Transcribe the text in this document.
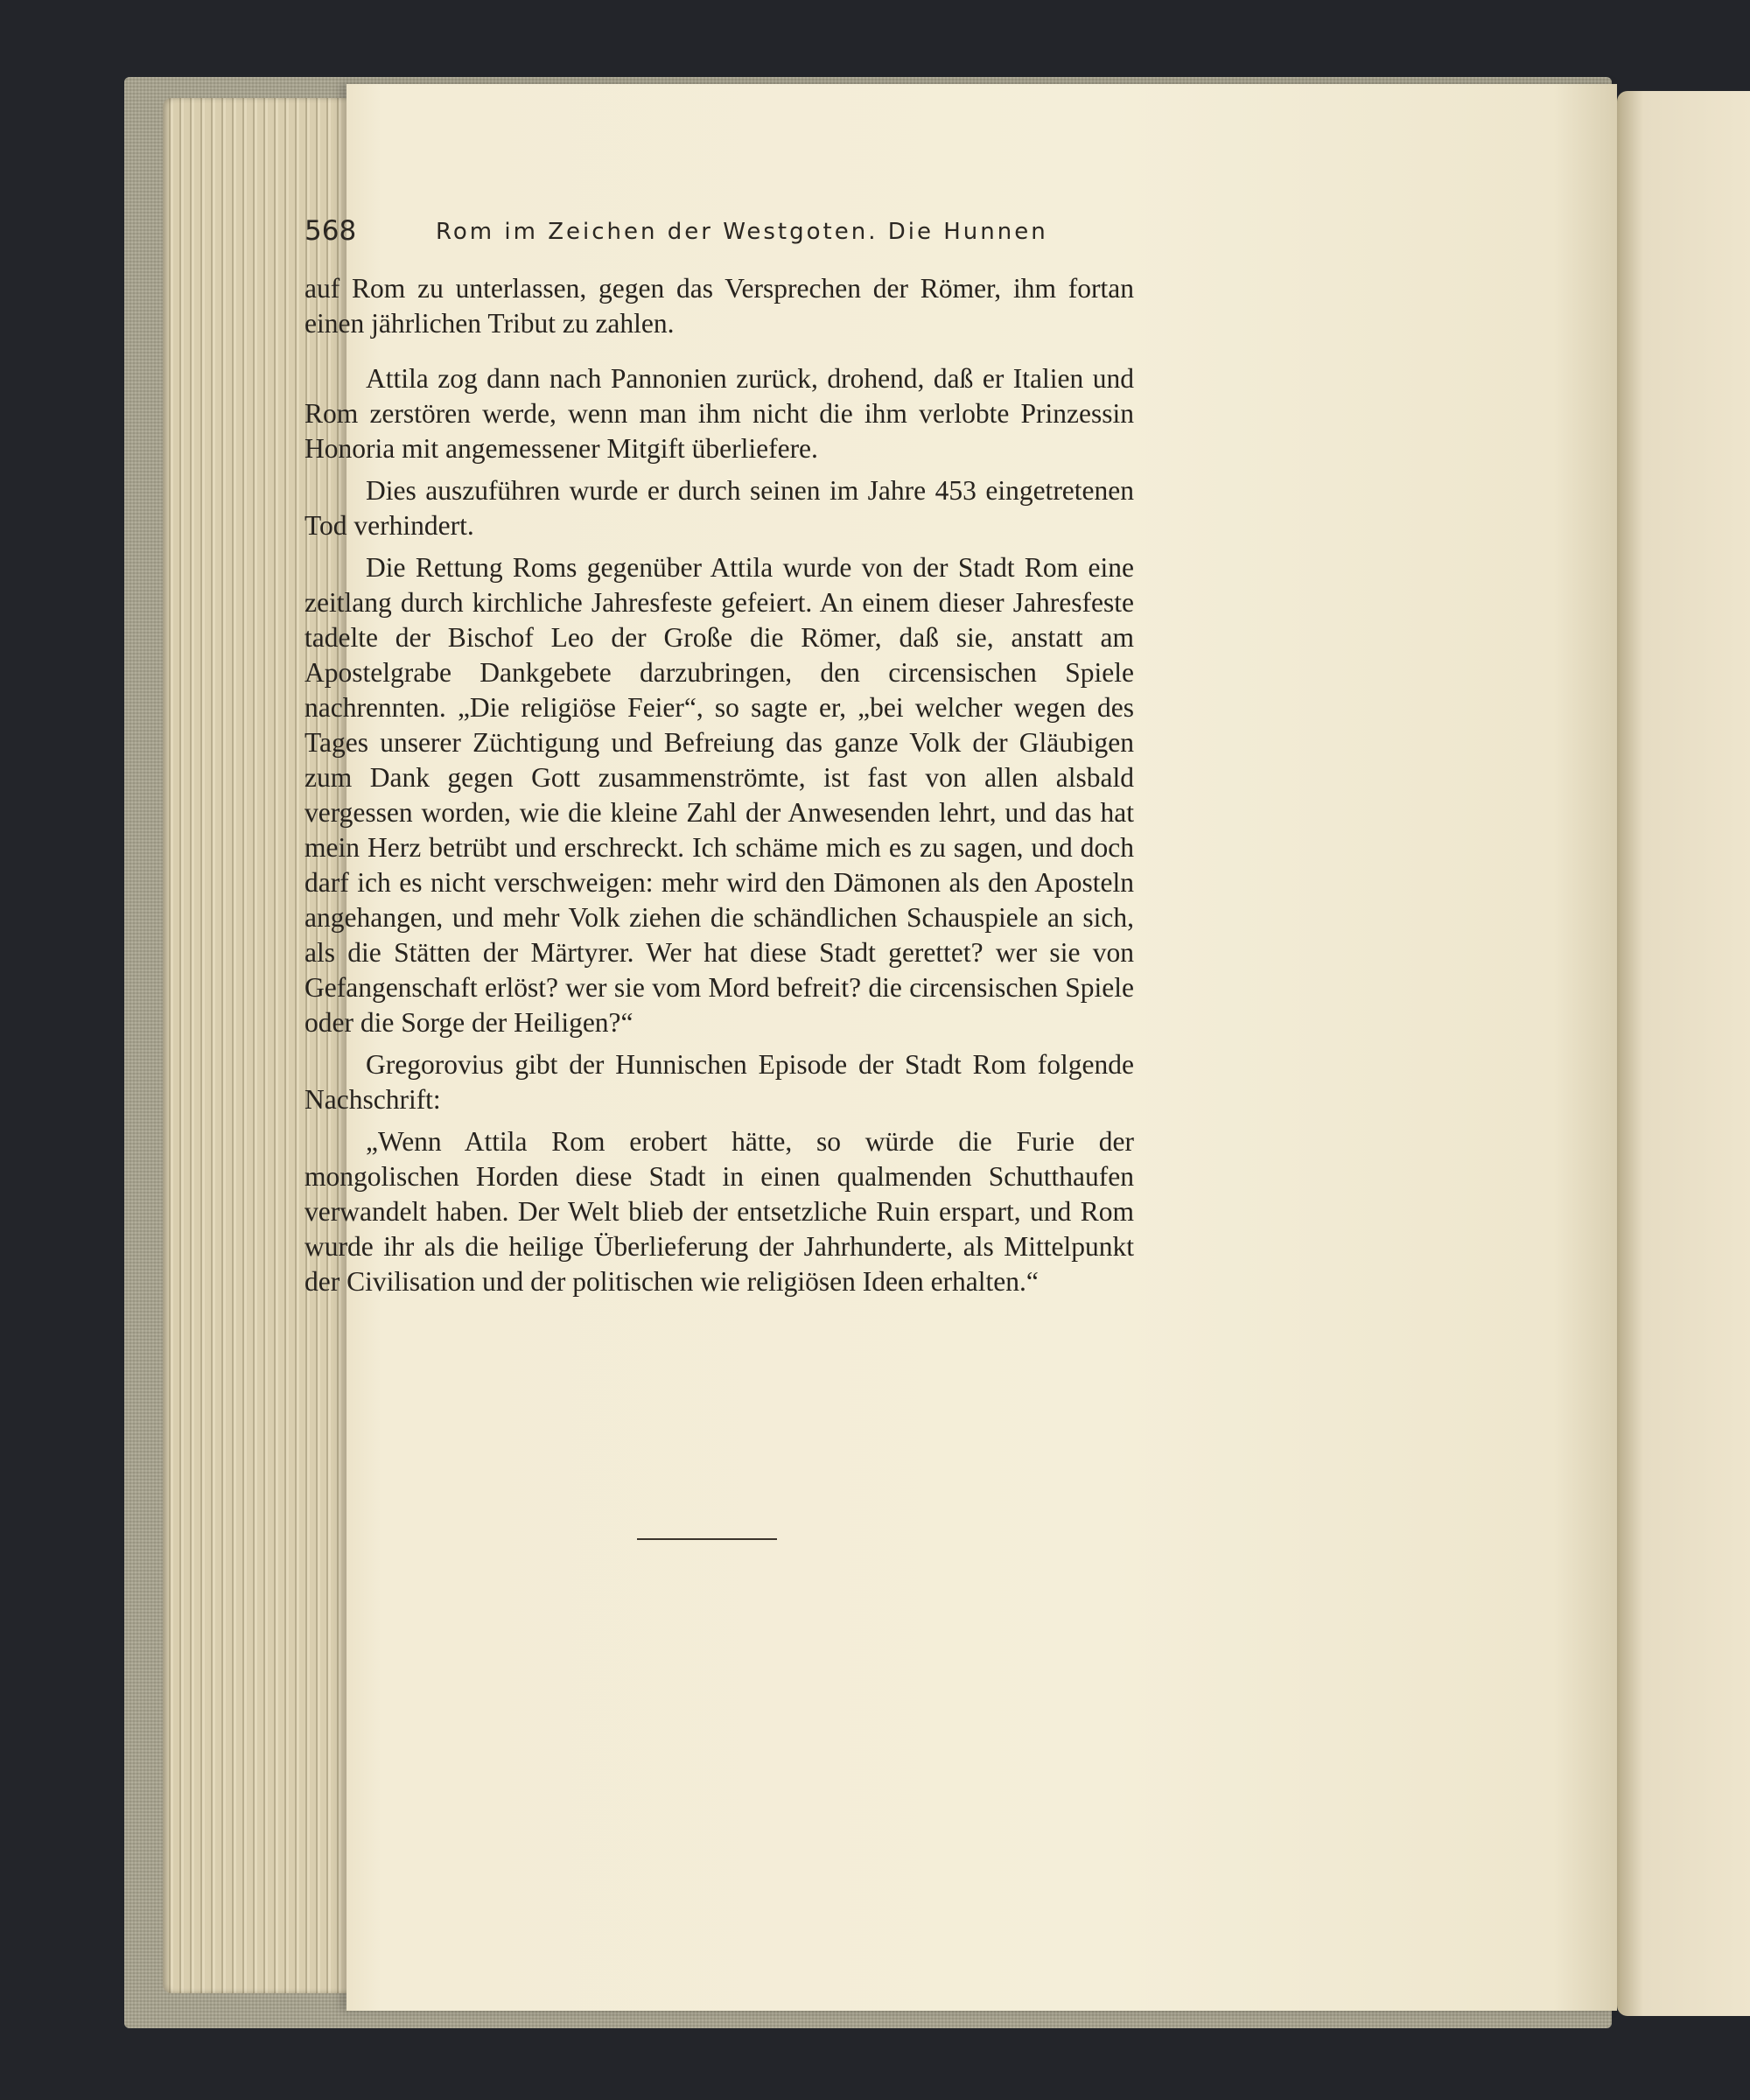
568	Rom im Zeichen der Westgoten. Die Hunnen

auf Rom zu unterlassen, gegen das Versprechen der Römer, ihm fortan einen jährlichen Tribut zu zahlen.

Attila zog dann nach Pannonien zurück, drohend, daß er Italien und Rom zerstören werde, wenn man ihm nicht die ihm verlobte Prinzessin Honoria mit angemessener Mitgift überliefere.

Dies auszuführen wurde er durch seinen im Jahre 453 eingetretenen Tod verhindert.

Die Rettung Roms gegenüber Attila wurde von der Stadt Rom eine zeitlang durch kirchliche Jahresfeste gefeiert. An einem dieser Jahresfeste tadelte der Bischof Leo der Große die Römer, daß sie, anstatt am Apostelgrabe Dankgebete darzubringen, den circensischen Spiele nachrennten. „Die religiöse Feier“, so sagte er, „bei welcher wegen des Tages unserer Züchtigung und Befreiung das ganze Volk der Gläubigen zum Dank gegen Gott zusammenströmte, ist fast von allen alsbald vergessen worden, wie die kleine Zahl der Anwesenden lehrt, und das hat mein Herz betrübt und erschreckt. Ich schäme mich es zu sagen, und doch darf ich es nicht verschweigen: mehr wird den Dämonen als den Aposteln angehangen, und mehr Volk ziehen die schändlichen Schauspiele an sich, als die Stätten der Märtyrer. Wer hat diese Stadt gerettet? wer sie von Gefangenschaft erlöst? wer sie vom Mord befreit? die circensischen Spiele oder die Sorge der Heiligen?“

Gregorovius gibt der Hunnischen Episode der Stadt Rom folgende Nachschrift:

„Wenn Attila Rom erobert hätte, so würde die Furie der mongolischen Horden diese Stadt in einen qualmenden Schutthaufen verwandelt haben. Der Welt blieb der entsetzliche Ruin erspart, und Rom wurde ihr als die heilige Überlieferung der Jahrhunderte, als Mittelpunkt der Civilisation und der politischen wie religiösen Ideen erhalten.“
